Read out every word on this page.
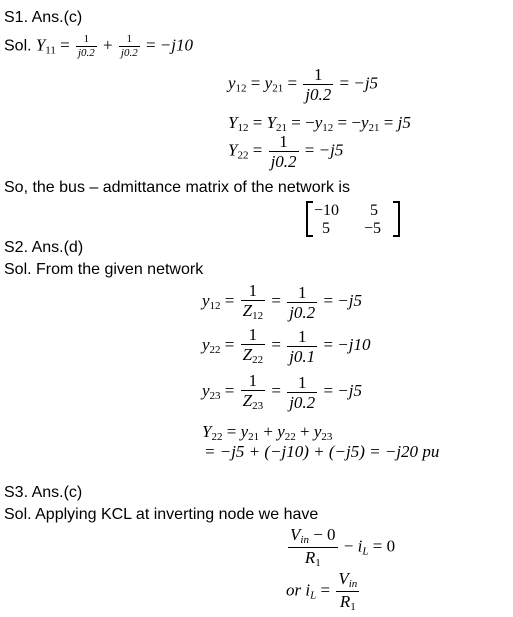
S1. Ans.(c)
Sol. $Y_{11} = \frac{1}{j0.2} + \frac{1}{j0.2} = -j10$
$y_{12} = y_{21} = \frac{1}{j0.2} = -j5$
$Y_{12} = Y_{21} = -y_{12} = -y_{21} = j5$
$Y_{22} = \frac{1}{j0.2} = -j5$
So, the bus – admittance matrix of the network is
−10 5
5 −5
S2. Ans.(d)
Sol. From the given network
$y_{12} = \frac{1}{Z_{12}} = \frac{1}{j0.2} = -j5$
$y_{22} = \frac{1}{Z_{22}} = \frac{1}{j0.1} = -j10$
$y_{23} = \frac{1}{Z_{23}} = \frac{1}{j0.2} = -j5$
$Y_{22} = y_{21} + y_{22} + y_{23}$
= −j5 + (−j10) + (−j5) = −j20 pu
S3. Ans.(c)
Sol. Applying KCL at inverting node we have
$\frac{V_{in} - 0}{R_1} - i_L = 0$
or $i_L = \frac{V_{in}}{R_1}$
